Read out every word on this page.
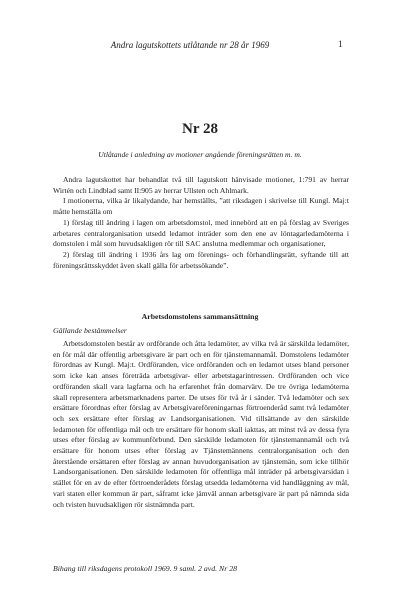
Andra lagutskottets utlåtande nr 28 år 1969	1
Nr 28
Utlåtande i anledning av motioner angående föreningsrätten m. m.

Andra lagutskottet har behandlat två till lagutskott hänvisade motioner, 1:791 av herrar Wirtén och Lindblad samt II:905 av herrar Ullsten och Ahlmark.

I motionerna, vilka är likalydande, har hemställts, ”att riksdagen i skrivelse till Kungl. Maj:t måtte hemställa om

1) förslag till ändring i lagen om arbetsdomstol, med innebörd att en på förslag av Sveriges arbetares centralorganisation utsedd ledamot inträder som den ene av löntagarledamöterna i domstolen i mål som huvudsakligen rör till SAC anslutna medlemmar och organisationer,

2) förslag till ändring i 1936 års lag om förenings- och förhandlingsrätt, syftande till att föreningsrättsskyddet även skall gälla för arbetssökande”.

Arbetsdomstolens sammansättning
Gällande bestämmelser

Arbetsdomstolen består av ordförande och åtta ledamöter, av vilka två är särskilda ledamöter, en för mål där offentlig arbetsgivare är part och en för tjänstemannamål. Domstolens ledamöter förordnas av Kungl. Maj:t. Ordföranden, vice ordföranden och en ledamot utses bland personer som icke kan anses företräda arbetsgivar- eller arbetstagarintressen. Ordföranden och vice ordföranden skall vara lagfarna och ha erfarenhet från domarvärv. De tre övriga ledamöterna skall representera arbetsmarknadens parter. De utses för två år i sänder. Två ledamöter och sex ersättare förordnas efter förslag av Arbetsgivareföreningarnas förtroenderåd samt två ledamöter och sex ersättare efter förslag av Landsorganisationen. Vid tillsättande av den särskilde ledamoten för offentliga mål och tre ersättare för honom skall iakttas, att minst två av dessa fyra utses efter förslag av kommunförbund. Den särskilde ledamoten för tjänstemannamål och två ersättare för honom utses efter förslag av Tjänstemännens centralorganisation och den återstående ersättaren efter förslag av annan huvudorganisation av tjänstemän, som icke tillhör Landsorganisationen. Den särskilde ledamoten för offentliga mål inträder på arbetsgivarsidan i stället för en av de efter förtroenderådets förslag utsedda ledamöterna vid handläggning av mål, vari staten eller kommun är part, såframt icke jämväl annan arbetsgivare är part på nämnda sida och tvisten huvudsakligen rör sistnämnda part.

Bihang till riksdagens protokoll 1969. 9 saml. 2 avd. Nr 28
